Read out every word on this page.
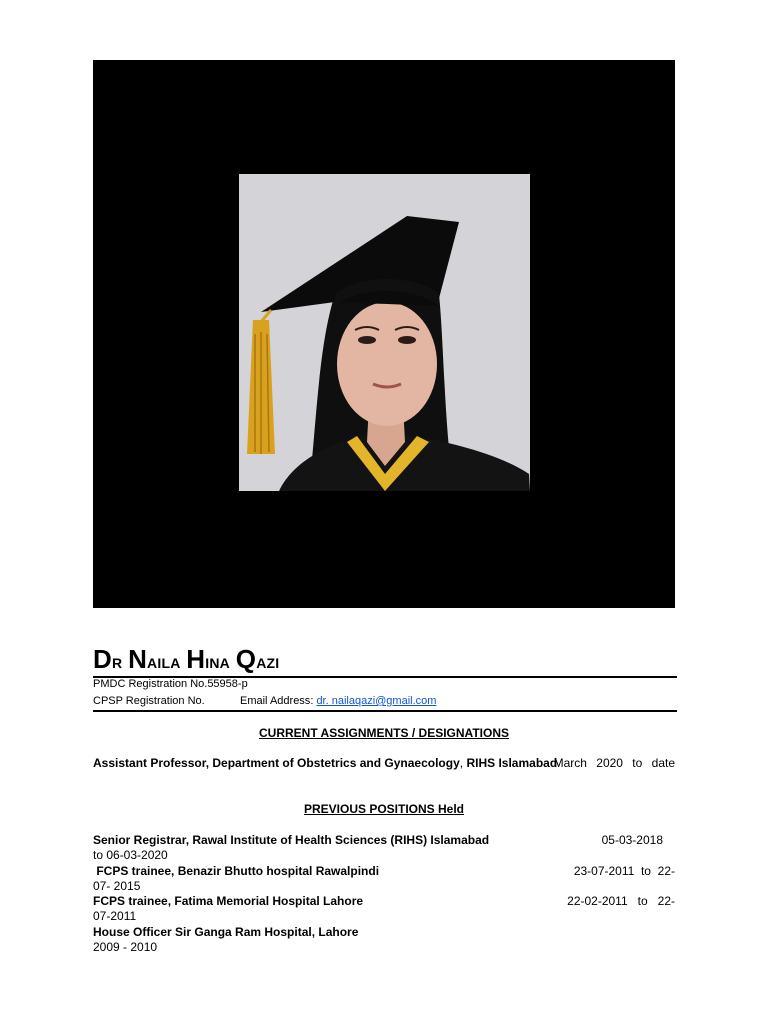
Dr Naila Hina Qazi
PMDC Registration No.55958-p
CPSP Registration No.	Email Address: dr. nailaqazi@gmail.com
CURRENT ASSIGNMENTS / DESIGNATIONS
Assistant Professor, Department of Obstetrics and Gynaecology, RIHS Islamabad
March 2020 to date
PREVIOUS POSITIONS Held
Senior Registrar, Rawal Institute of Health Sciences (RIHS) Islamabad	05-03-2018
to 06-03-2020
FCPS trainee, Benazir Bhutto hospital Rawalpindi	23-07-2011  to  22-
07- 2015
FCPS trainee, Fatima Memorial Hospital Lahore	22-02-2011   to   22-
07-2011
House Officer Sir Ganga Ram Hospital, Lahore
2009 - 2010
